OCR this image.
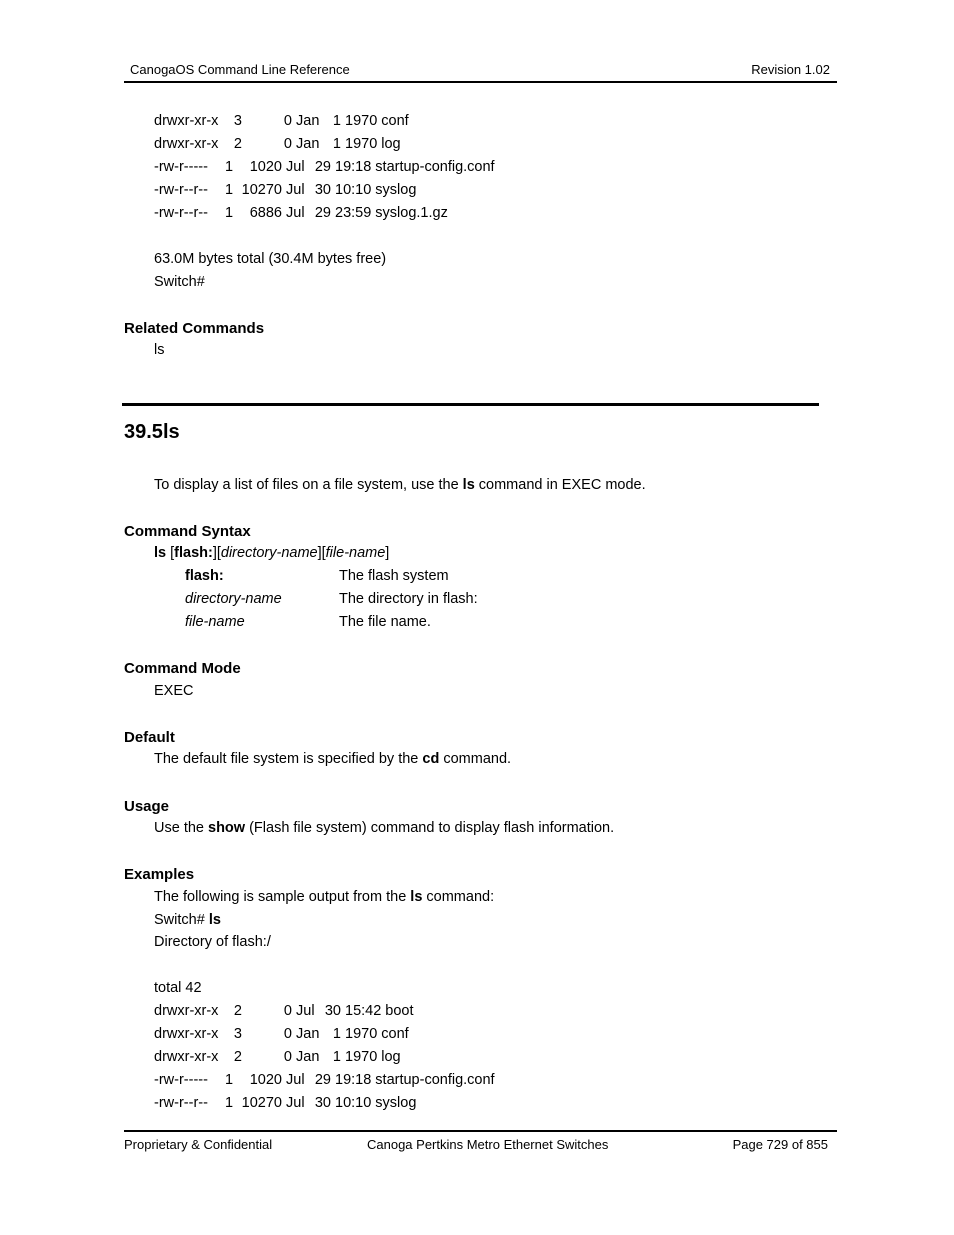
CanogaOS Command Line Reference	Revision 1.02
drwxr-xr-x 3	0 Jan 1 1970 conf
drwxr-xr-x 2	0 Jan 1 1970 log
-rw-r----- 1 1020 Jul 29 19:18 startup-config.conf
-rw-r--r-- 1 10270 Jul 30 10:10 syslog
-rw-r--r-- 1 6886 Jul 29 23:59 syslog.1.gz
63.0M bytes total (30.4M bytes free)
Switch#
Related Commands
ls
39.5ls
To display a list of files on a file system, use the ls command in EXEC mode.
Command Syntax
ls [flash:][directory-name][file-name]
flash:	The flash system
directory-name	The directory in flash:
file-name	The file name.
Command Mode
EXEC
Default
The default file system is specified by the cd command.
Usage
Use the show (Flash file system) command to display flash information.
Examples
The following is sample output from the ls command:
Switch# ls
Directory of flash:/
total 42
drwxr-xr-x 2	0 Jul 30 15:42 boot
drwxr-xr-x 3	0 Jan 1 1970 conf
drwxr-xr-x 2	0 Jan 1 1970 log
-rw-r----- 1 1020 Jul 29 19:18 startup-config.conf
-rw-r--r-- 1 10270 Jul 30 10:10 syslog
Proprietary & Confidential	Canoga Pertkins Metro Ethernet Switches	Page 729 of 855
